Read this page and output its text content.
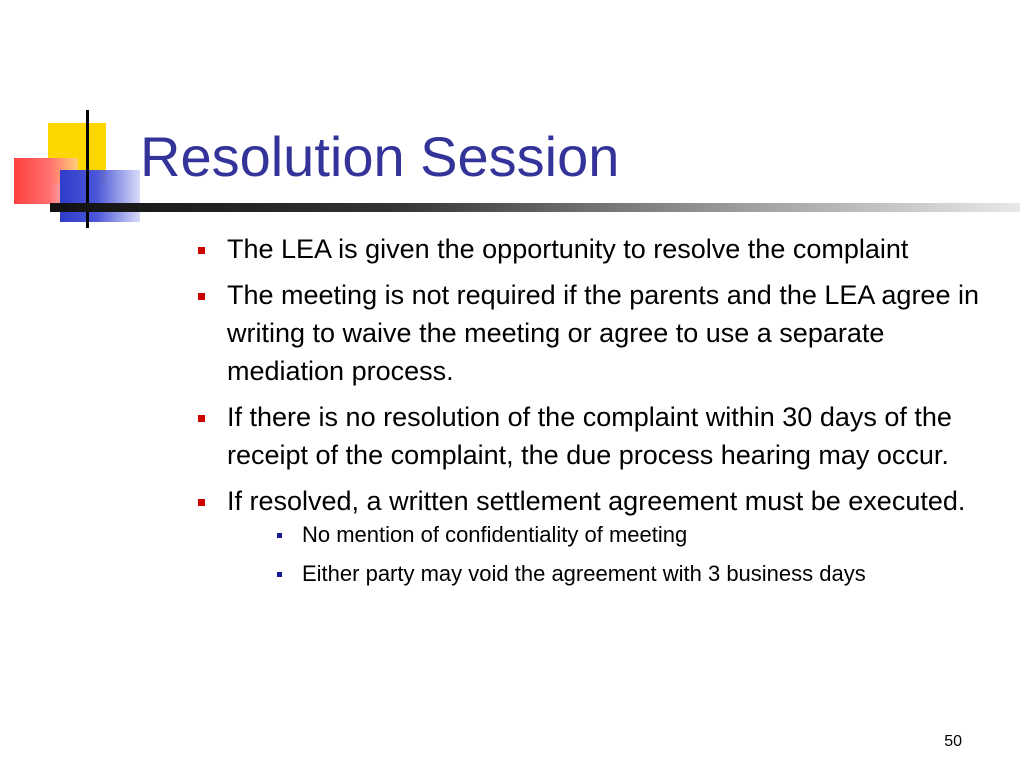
Resolution Session
The LEA is given the opportunity to resolve the complaint
The meeting is not required if the parents and the LEA agree in writing to waive the meeting or agree to use a separate mediation process.
If there is no resolution of the complaint within 30 days of the receipt of the complaint, the due process hearing may occur.
If resolved, a written settlement agreement must be executed.
No mention of confidentiality of meeting
Either party may void the agreement with 3 business days
50
